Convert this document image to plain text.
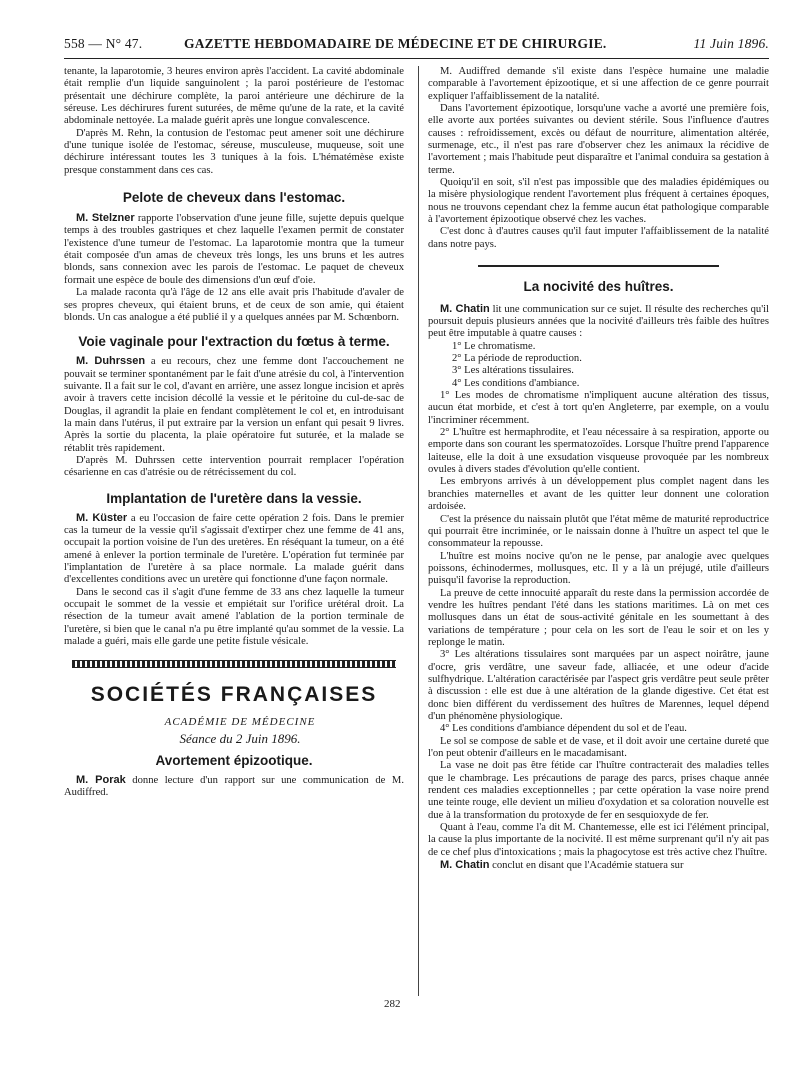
558 — N° 47.	GAZETTE HEBDOMADAIRE DE MÉDECINE ET DE CHIRURGIE.	11 Juin 1896.

tenante, la laparotomie, 3 heures environ après l'accident. La cavité abdominale était remplie d'un liquide sanguinolent ; la paroi postérieure de l'estomac présentait une déchirure complète, la paroi antérieure une déchirure de la séreuse. Les déchirures furent suturées, de même qu'une de la rate, et la cavité abdominale nettoyée. La malade guérit après une longue convalescence.

D'après M. Rehn, la contusion de l'estomac peut amener soit une déchirure d'une tunique isolée de l'estomac, séreuse, musculeuse, muqueuse, soit une déchirure intéressant toutes les 3 tuniques à la fois. L'hématémèse existe presque constamment dans ces cas.

Pelote de cheveux dans l'estomac.

M. Stelzner rapporte l'observation d'une jeune fille, sujette depuis quelque temps à des troubles gastriques et chez laquelle l'examen permit de constater l'existence d'une tumeur de l'estomac. La laparotomie montra que la tumeur était composée d'un amas de cheveux très longs, les uns bruns et les autres blonds, sans connexion avec les parois de l'estomac. Le paquet de cheveux formait une espèce de boule des dimensions d'un œuf d'oie.

La malade raconta qu'à l'âge de 12 ans elle avait pris l'habitude d'avaler de ses propres cheveux, qui étaient bruns, et de ceux de son amie, qui étaient blonds. Un cas analogue a été publié il y a quelques années par M. Schœnborn.

Voie vaginale pour l'extraction du fœtus à terme.

M. Duhrssen a eu recours, chez une femme dont l'accouchement ne pouvait se terminer spontanément par le fait d'une atrésie du col, à l'intervention suivante. Il a fait sur le col, d'avant en arrière, une assez longue incision et après avoir à travers cette incision décollé la vessie et le péritoine du cul-de-sac de Douglas, il agrandit la plaie en fendant complètement le col et, en introduisant la main dans l'utérus, il put extraire par la version un enfant qui pesait 9 livres. Après la sortie du placenta, la plaie opératoire fut suturée, et la malade se rétablit très rapidement.

D'après M. Duhrssen cette intervention pourrait remplacer l'opération césarienne en cas d'atrésie ou de rétrécissement du col.

Implantation de l'uretère dans la vessie.

M. Küster a eu l'occasion de faire cette opération 2 fois. Dans le premier cas la tumeur de la vessie qu'il s'agissait d'extirper chez une femme de 41 ans, occupait la portion voisine de l'un des uretères. En réséquant la tumeur, on a été amené à enlever la portion terminale de l'uretère. L'opération fut terminée par l'implantation de l'uretère à sa place normale. La malade guérit dans d'excellentes conditions avec un uretère qui fonctionne d'une façon normale.

Dans le second cas il s'agit d'une femme de 33 ans chez laquelle la tumeur occupait le sommet de la vessie et empiétait sur l'orifice urétéral droit. La résection de la tumeur avait amené l'ablation de la portion terminale de l'uretère, si bien que le canal n'a pu être implanté qu'au sommet de la vessie. La malade a guéri, mais elle garde une petite fistule vésicale.

SOCIÉTÉS FRANÇAISES

ACADÉMIE DE MÉDECINE

Séance du 2 Juin 1896.

Avortement épizootique.

M. Porak donne lecture d'un rapport sur une communication de M. Audiffred.

M. Audiffred demande s'il existe dans l'espèce humaine une maladie comparable à l'avortement épizootique, et si une affection de ce genre pourrait expliquer l'affaiblissement de la natalité.

Dans l'avortement épizootique, lorsqu'une vache a avorté une première fois, elle avorte aux portées suivantes ou devient stérile. Sous l'influence d'autres causes : refroidissement, excès ou défaut de nourriture, alimentation altérée, surmenage, etc., il n'est pas rare d'observer chez les animaux la récidive de l'avortement ; mais l'habitude peut disparaître et l'animal conduira sa gestation à terme.

Quoiqu'il en soit, s'il n'est pas impossible que des maladies épidémiques ou la misère physiologique rendent l'avortement plus fréquent à certaines époques, nous ne trouvons cependant chez la femme aucun état pathologique comparable à l'avortement épizootique observé chez les vaches.

C'est donc à d'autres causes qu'il faut imputer l'affaiblissement de la natalité dans notre pays.

La nocivité des huîtres.

M. Chatin lit une communication sur ce sujet. Il résulte des recherches qu'il poursuit depuis plusieurs années que la nocivité d'ailleurs très faible des huîtres peut être imputable à quatre causes :

1° Le chromatisme.

2° La période de reproduction.

3° Les altérations tissulaires.

4° Les conditions d'ambiance.

1° Les modes de chromatisme n'impliquent aucune altération des tissus, aucun état morbide, et c'est à tort qu'en Angleterre, par exemple, on a voulu l'incriminer récemment.

2° L'huître est hermaphrodite, et l'eau nécessaire à sa respiration, apporte ou emporte dans son courant les spermatozoïdes. Lorsque l'huître prend l'apparence laiteuse, elle la doit à une exsudation visqueuse provoquée par les nombreux ovules à divers stades d'évolution qu'elle contient.

Les embryons arrivés à un développement plus complet nagent dans les branchies maternelles et avant de les quitter leur donnent une coloration ardoisée.

C'est la présence du naissain plutôt que l'état même de maturité reproductrice qui pourrait être incriminée, or le naissain donne à l'huître un aspect tel que le consommateur la repousse.

L'huître est moins nocive qu'on ne le pense, par analogie avec quelques poissons, échinodermes, mollusques, etc. Il y a là un préjugé, utile d'ailleurs puisqu'il favorise la reproduction.

La preuve de cette innocuité apparaît du reste dans la permission accordée de vendre les huîtres pendant l'été dans les stations maritimes. Là on met ces mollusques dans un état de sous-activité génitale en les soumettant à des variations de température ; pour cela on les sort de l'eau le soir et on les y replonge le matin.

3° Les altérations tissulaires sont marquées par un aspect noirâtre, jaune d'ocre, gris verdâtre, une saveur fade, alliacée, et une odeur d'acide sulfhydrique. L'altération caractérisée par l'aspect gris verdâtre peut seule prêter à discussion : elle est due à une altération de la glande digestive. Cet état est donc bien différent du verdissement des huîtres de Marennes, lequel dépend d'un phénomène physiologique.

4° Les conditions d'ambiance dépendent du sol et de l'eau.

Le sol se compose de sable et de vase, et il doit avoir une certaine dureté que l'on peut obtenir d'ailleurs en le macadamisant.

La vase ne doit pas être fétide car l'huître contracterait des maladies telles que le chambrage. Les précautions de parage des parcs, prises chaque année rendent ces maladies exceptionnelles ; par cette opération la vase noire prend une teinte rouge, elle devient un milieu d'oxydation et sa coloration nouvelle est due à la transformation du protoxyde de fer en sesquioxyde de fer.

Quant à l'eau, comme l'a dit M. Chantemesse, elle est ici l'élément principal, la cause la plus importante de la nocivité. Il est même surprenant qu'il n'y ait pas de ce chef plus d'intoxications ; mais la phagocytose est très active chez l'huître.

M. Chatin conclut en disant que l'Académie statuera sur

282
